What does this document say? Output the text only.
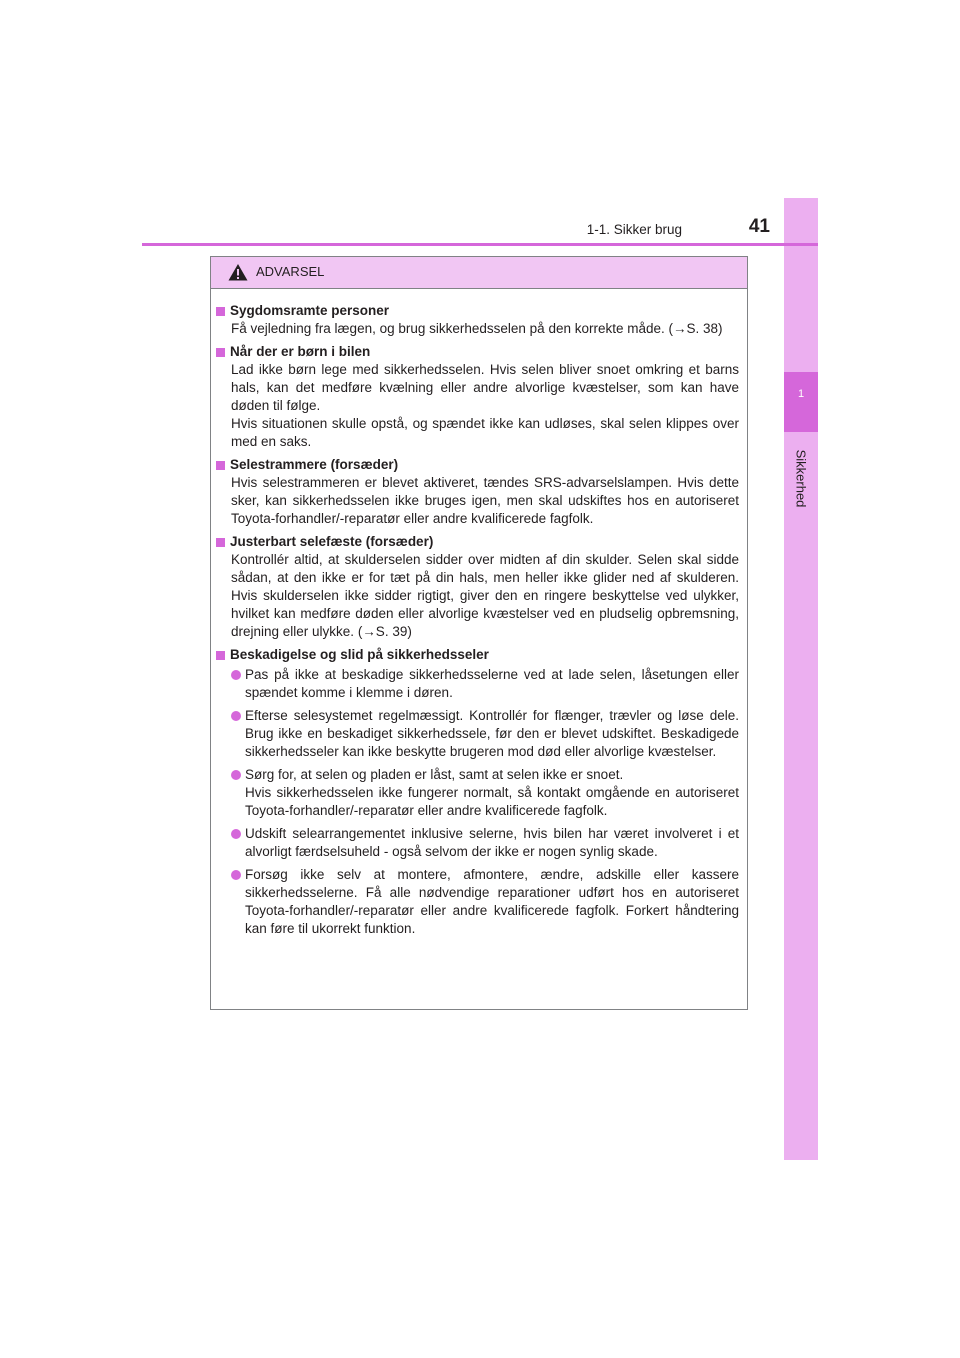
1
Sikkerhed
1-1. Sikker brug	41
ADVARSEL
Sygdomsramte personer
Få vejledning fra lægen, og brug sikkerhedsselen på den korrekte måde. (→S. 38)
Når der er børn i bilen
Lad ikke børn lege med sikkerhedsselen. Hvis selen bliver snoet omkring et barns hals, kan det medføre kvælning eller andre alvorlige kvæstelser, som kan have døden til følge.
Hvis situationen skulle opstå, og spændet ikke kan udløses, skal selen klippes over med en saks.
Selestrammere (forsæder)
Hvis selestrammeren er blevet aktiveret, tændes SRS-advarselslampen. Hvis dette sker, kan sikkerhedsselen ikke bruges igen, men skal udskiftes hos en autoriseret Toyota-forhandler/-reparatør eller andre kvalificerede fagfolk.
Justerbart selefæste (forsæder)
Kontrollér altid, at skulderselen sidder over midten af din skulder. Selen skal sidde sådan, at den ikke er for tæt på din hals, men heller ikke glider ned af skulderen. Hvis skulderselen ikke sidder rigtigt, giver den en ringere beskyttelse ved ulykker, hvilket kan medføre døden eller alvorlige kvæstelser ved en pludselig opbremsning, drejning eller ulykke. (→S. 39)
Beskadigelse og slid på sikkerhedsseler
Pas på ikke at beskadige sikkerhedsselerne ved at lade selen, låsetungen eller spændet komme i klemme i døren.
Efterse selesystemet regelmæssigt. Kontrollér for flænger, trævler og løse dele. Brug ikke en beskadiget sikkerhedssele, før den er blevet udskiftet. Beskadigede sikkerhedsseler kan ikke beskytte brugeren mod død eller alvorlige kvæstelser.
Sørg for, at selen og pladen er låst, samt at selen ikke er snoet.
Hvis sikkerhedsselen ikke fungerer normalt, så kontakt omgående en autoriseret Toyota-forhandler/-reparatør eller andre kvalificerede fagfolk.
Udskift selearrangementet inklusive selerne, hvis bilen har været involveret i et alvorligt færdselsuheld - også selvom der ikke er nogen synlig skade.
Forsøg ikke selv at montere, afmontere, ændre, adskille eller kassere sikkerhedsselerne. Få alle nødvendige reparationer udført hos en autoriseret Toyota-forhandler/-reparatør eller andre kvalificerede fagfolk. Forkert håndtering kan føre til ukorrekt funktion.
